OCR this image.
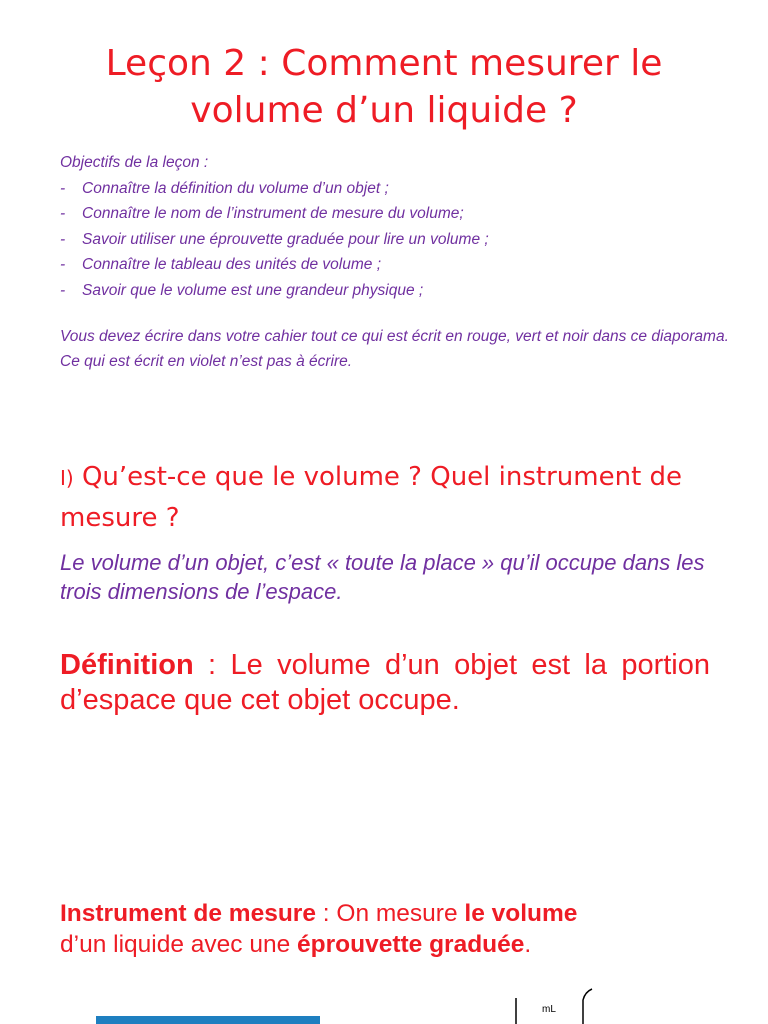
Leçon 2 : Comment mesurer le
volume d’un liquide ?
Objectifs de la leçon :
- Connaître la définition du volume d’un objet ;
- Connaître le nom de l’instrument de mesure du volume;
- Savoir utiliser une éprouvette graduée pour lire un volume ;
- Connaître le tableau des unités de volume ;
- Savoir que le volume est une grandeur physique ;
Vous devez écrire dans votre cahier tout ce qui est écrit en rouge, vert et noir dans ce diaporama. Ce qui est écrit en violet n’est pas à écrire.
I) Qu’est-ce que le volume ? Quel instrument de mesure ?
Le volume d’un objet, c’est « toute la place » qu’il occupe dans les trois dimensions de l’espace.
Définition : Le volume d’un objet est la portion d’espace que cet objet occupe.
Instrument de mesure : On mesure le volume
d’un liquide avec une éprouvette graduée.
mL
